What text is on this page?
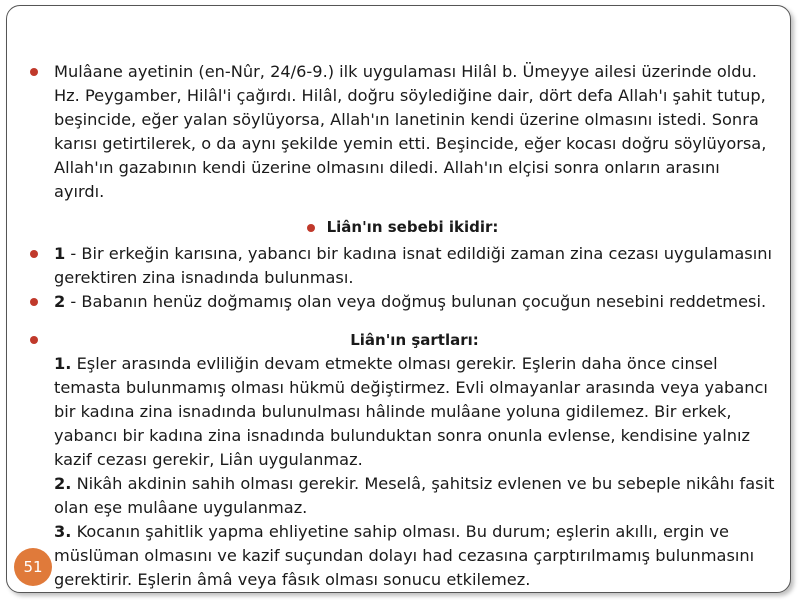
Mulâane ayetinin (en-Nûr, 24/6-9.) ilk uygulaması Hilâl b. Ümeyye ailesi üzerinde oldu. Hz. Peygamber, Hilâl'i çağırdı. Hilâl, doğru söylediğine dair, dört defa Allah'ı şahit tutup, beşincide, eğer yalan söylüyorsa, Allah'ın lanetinin kendi üzerine olmasını istedi. Sonra karısı getirtilerek, o da aynı şekilde yemin etti. Beşincide, eğer kocası doğru söylüyorsa, Allah'ın gazabının kendi üzerine olmasını diledi. Allah'ın elçisi sonra onların arasını ayırdı.

Liân'ın sebebi ikidir:

1 - Bir erkeğin karısına, yabancı bir kadına isnat edildiği zaman zina cezası uygulamasını gerektiren zina isnadında bulunması.

2 - Babanın henüz doğmamış olan veya doğmuş bulunan çocuğun nesebini reddetmesi.

Liân'ın şartları:

1. Eşler arasında evliliğin devam etmekte olması gerekir. Eşlerin daha önce cinsel temasta bulunmamış olması hükmü değiştirmez. Evli olmayanlar arasında veya yabancı bir kadına zina isnadında bulunulması hâlinde mulâane yoluna gidilemez. Bir erkek, yabancı bir kadına zina isnadında bulunduktan sonra onunla evlense, kendisine yalnız kazif cezası gerekir, Liân uygulanmaz.

2. Nikâh akdinin sahih olması gerekir. Meselâ, şahitsiz evlenen ve bu sebeple nikâhı fasit olan eşe mulâane uygulanmaz.

3. Kocanın şahitlik yapma ehliyetine sahip olması. Bu durum; eşlerin akıllı, ergin ve müslüman olmasını ve kazif suçundan dolayı had cezasına çarptırılmamış bulunmasını gerektirir. Eşlerin âmâ veya fâsık olması sonucu etkilemez.

51
